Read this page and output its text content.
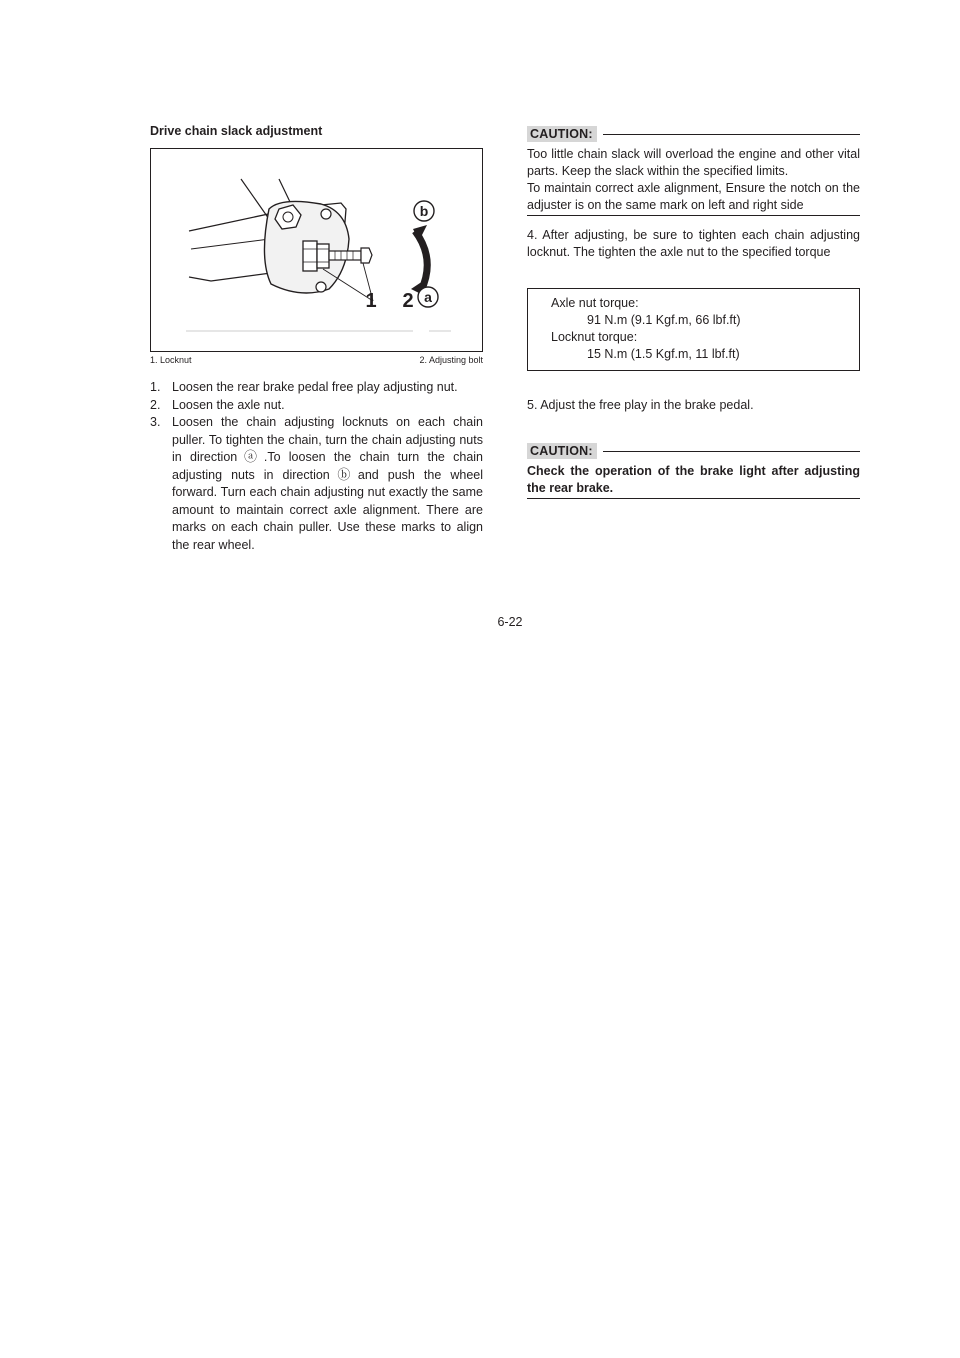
Drive chain slack adjustment
b
1 2 a
1. Locknut	2. Adjusting bolt
1. Loosen the rear brake pedal free play adjusting nut.
2. Loosen the axle nut.
3. Loosen the chain adjusting locknuts on each chain puller. To tighten the chain, turn the chain adjusting nuts in direction ⓐ .To loosen the chain turn the chain adjusting nuts in direction ⓑ and push the wheel forward. Turn each chain adjusting nut exactly the same amount to maintain correct axle alignment. There are marks on each chain puller. Use these marks to align the rear wheel.
CAUTION:
Too little chain slack will overload the engine and other vital parts. Keep the slack within the specified limits.
To maintain correct axle alignment, Ensure the notch on the adjuster is on the same mark on left and right side
4. After adjusting, be sure to tighten each chain adjusting locknut. The tighten the axle nut to the specified torque
Axle nut torque:
91 N.m (9.1 Kgf.m, 66 lbf.ft)
Locknut torque:
15 N.m (1.5 Kgf.m, 11 lbf.ft)
5. Adjust the free play in the brake pedal.
CAUTION:
Check the operation of the brake light after adjusting the rear brake.
6-22
